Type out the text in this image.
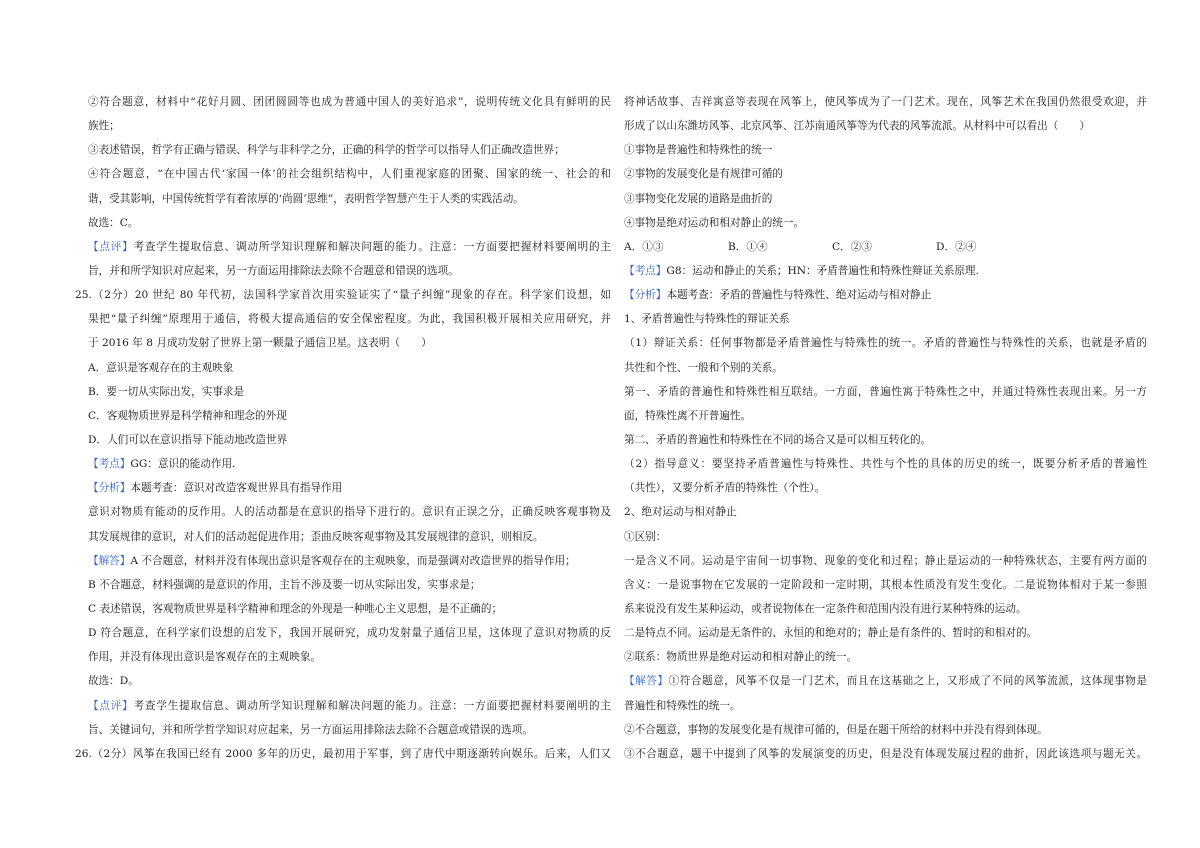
②符合题意，材料中“花好月圆、团团圆圆等也成为普通中国人的美好追求”，说明传统文化具有鲜明的民
族性；
③表述错误，哲学有正确与错误、科学与非科学之分，正确的科学的哲学可以指导人们正确改造世界；
④符合题意，“在中国古代‘家国一体’的社会组织结构中，人们重视家庭的团聚、国家的统一、社会的和
谐，受其影响，中国传统哲学有着浓厚的‘尚圆’思维”，表明哲学智慧产生于人类的实践活动。
故选：C。
【点评】考查学生提取信息、调动所学知识理解和解决问题的能力。注意：一方面要把握材料要阐明的主
旨，并和所学知识对应起来，另一方面运用排除法去除不合题意和错误的选项。
25.（2分）20 世纪 80 年代初，法国科学家首次用实验证实了“量子纠缠”现象的存在。科学家们设想，如
果把“量子纠缠”原理用于通信，将极大提高通信的安全保密程度。为此，我国积极开展相关应用研究，并
于 2016 年 8 月成功发射了世界上第一颗量子通信卫星。这表明（　　）
A．意识是客观存在的主观映象
B．要一切从实际出发，实事求是
C．客观物质世界是科学精神和理念的外现
D．人们可以在意识指导下能动地改造世界
【考点】GG：意识的能动作用.
【分析】本题考查：意识对改造客观世界具有指导作用
意识对物质有能动的反作用。人的活动都是在意识的指导下进行的。意识有正误之分，正确反映客观事物及
其发展规律的意识，对人们的活动起促进作用；歪曲反映客观事物及其发展规律的意识，则相反。
【解答】A 不合题意，材料并没有体现出意识是客观存在的主观映象，而是强调对改造世界的指导作用；
B 不合题意，材料强调的是意识的作用，主旨不涉及要一切从实际出发，实事求是；
C 表述错误，客观物质世界是科学精神和理念的外现是一种唯心主义思想，是不正确的；
D 符合题意，在科学家们设想的启发下，我国开展研究，成功发射量子通信卫星，这体现了意识对物质的反
作用，并没有体现出意识是客观存在的主观映象。
故选：D。
【点评】考查学生提取信息、调动所学知识理解和解决问题的能力。注意：一方面要把握材料要阐明的主
旨、关键词句，并和所学哲学知识对应起来，另一方面运用排除法去除不合题意或错误的选项。
26.（2分）风筝在我国已经有 2000 多年的历史，最初用于军事，到了唐代中期逐渐转向娱乐。后来，人们又
将神话故事、吉祥寓意等表现在风筝上，使风筝成为了一门艺术。现在，风筝艺术在我国仍然很受欢迎，并
形成了以山东潍坊风筝、北京风筝、江苏南通风筝等为代表的风筝流派。从材料中可以看出（　　）
①事物是普遍性和特殊性的统一
②事物的发展变化是有规律可循的
③事物变化发展的道路是曲折的
④事物是绝对运动和相对静止的统一。
A．①③	B．①④	C．②③	D．②④
【考点】G8：运动和静止的关系；HN：矛盾普遍性和特殊性辩证关系原理.
【分析】本题考查：矛盾的普遍性与特殊性、绝对运动与相对静止
1、矛盾普遍性与特殊性的辩证关系
（1）辩证关系：任何事物都是矛盾普遍性与特殊性的统一。矛盾的普遍性与特殊性的关系，也就是矛盾的
共性和个性、一般和个别的关系。
第一、矛盾的普遍性和特殊性相互联结。一方面，普遍性寓于特殊性之中，并通过特殊性表现出来。另一方
面，特殊性离不开普遍性。
第二、矛盾的普遍性和特殊性在不同的场合又是可以相互转化的。
（2）指导意义：要坚持矛盾普遍性与特殊性、共性与个性的具体的历史的统一，既要分析矛盾的普遍性
（共性），又要分析矛盾的特殊性（个性）。
2、绝对运动与相对静止
①区别：
一是含义不同。运动是宇宙间一切事物、现象的变化和过程；静止是运动的一种特殊状态，主要有两方面的
含义：一是说事物在它发展的一定阶段和一定时期，其根本性质没有发生变化。二是说物体相对于某一参照
系来说没有发生某种运动，或者说物体在一定条件和范围内没有进行某种特殊的运动。
二是特点不同。运动是无条件的、永恒的和绝对的；静止是有条件的、暂时的和相对的。
②联系：物质世界是绝对运动和相对静止的统一。
【解答】①符合题意，风筝不仅是一门艺术，而且在这基础之上，又形成了不同的风筝流派，这体现事物是
普遍性和特殊性的统一。
②不合题意，事物的发展变化是有规律可循的，但是在题干所给的材料中并没有得到体现。
③不合题意，题干中提到了风筝的发展演变的历史，但是没有体现发展过程的曲折，因此该选项与题无关。
